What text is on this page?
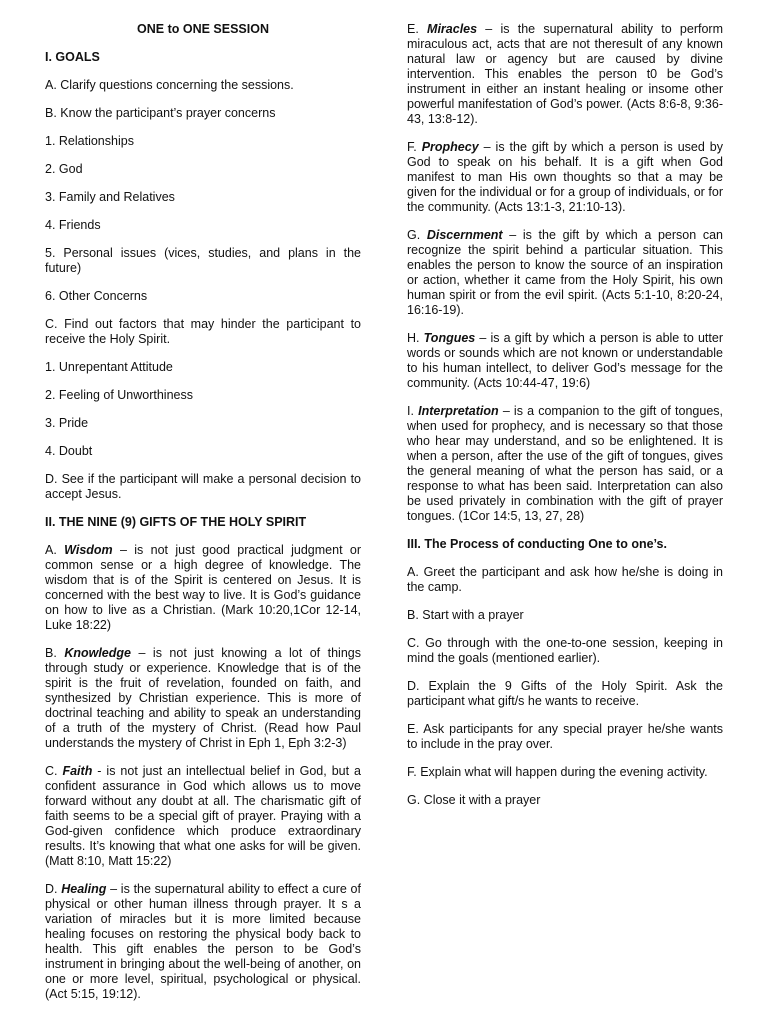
ONE to ONE SESSION
I. GOALS

A. Clarify questions concerning the sessions.

B. Know the participant’s prayer concerns

1. Relationships

2. God

3. Family and Relatives

4. Friends

5. Personal issues (vices, studies, and plans in the future)

6. Other Concerns

C. Find out factors that may hinder the participant to receive the Holy Spirit.

1. Unrepentant Attitude

2. Feeling of Unworthiness

3. Pride

4. Doubt

D. See if the participant will make a personal decision to accept Jesus.

II. THE NINE (9) GIFTS OF THE HOLY SPIRIT

A. Wisdom – is not just good practical judgment or common sense or a high degree of knowledge. The wisdom that is of the Spirit is centered on Jesus. It is concerned with the best way to live. It is God’s guidance on how to live as a Christian. (Mark 10:20,1Cor 12-14, Luke 18:22)

B. Knowledge – is not just knowing a lot of things through study or experience. Knowledge that is of the spirit is the fruit of revelation, founded on faith, and synthesized by Christian experience. This is more of doctrinal teaching and ability to speak an understanding of a truth of the mystery of Christ. (Read how Paul understands the mystery of Christ in Eph 1, Eph 3:2-3)

C. Faith - is not just an intellectual belief in God, but a confident assurance in God which allows us to move forward without any doubt at all. The charismatic gift of faith seems to be a special gift of prayer. Praying with a God-given confidence which produce extraordinary results. It’s knowing that what one asks for will be given. (Matt 8:10, Matt 15:22)

D. Healing – is the supernatural ability to effect a cure of physical or other human illness through prayer. It s a variation of miracles but it is more limited because healing focuses on restoring the physical body back to health. This gift enables the person to be God’s instrument in bringing about the well-being of another, on one or more level, spiritual, psychological or physical. (Act 5:15, 19:12).

E. Miracles – is the supernatural ability to perform miraculous act, acts that are not theresult of any known natural law or agency but are caused by divine intervention. This enables the person t0 be God’s instrument in either an instant healing or insome other powerful manifestation of God’s power. (Acts 8:6-8, 9:36-43, 13:8-12).

F. Prophecy – is the gift by which a person is used by God to speak on his behalf. It is a gift when God manifest to man His own thoughts so that a may be given for the individual or for a group of individuals, or for the community. (Acts 13:1-3, 21:10-13).

G. Discernment – is the gift by which a person can recognize the spirit behind a particular situation. This enables the person to know the source of an inspiration or action, whether it came from the Holy Spirit, his own human spirit or from the evil spirit. (Acts 5:1-10, 8:20-24, 16:16-19).

H. Tongues – is a gift by which a person is able to utter words or sounds which are not known or understandable to his human intellect, to deliver God’s message for the community. (Acts 10:44-47, 19:6)

I. Interpretation – is a companion to the gift of tongues, when used for prophecy, and is necessary so that those who hear may understand, and so be enlightened. It is when a person, after the use of the gift of tongues, gives the general meaning of what the person has said, or a response to what has been said. Interpretation can also be used privately in combination with the gift of prayer tongues. (1Cor 14:5, 13, 27, 28)

III. The Process of conducting One to one’s.

A. Greet the participant and ask how he/she is doing in the camp.

B. Start with a prayer

C. Go through with the one-to-one session, keeping in mind the goals (mentioned earlier).

D. Explain the 9 Gifts of the Holy Spirit. Ask the participant what gift/s he wants to receive.

E. Ask participants for any special prayer he/she wants to include in the pray over.

F. Explain what will happen during the evening activity.

G. Close it with a prayer
